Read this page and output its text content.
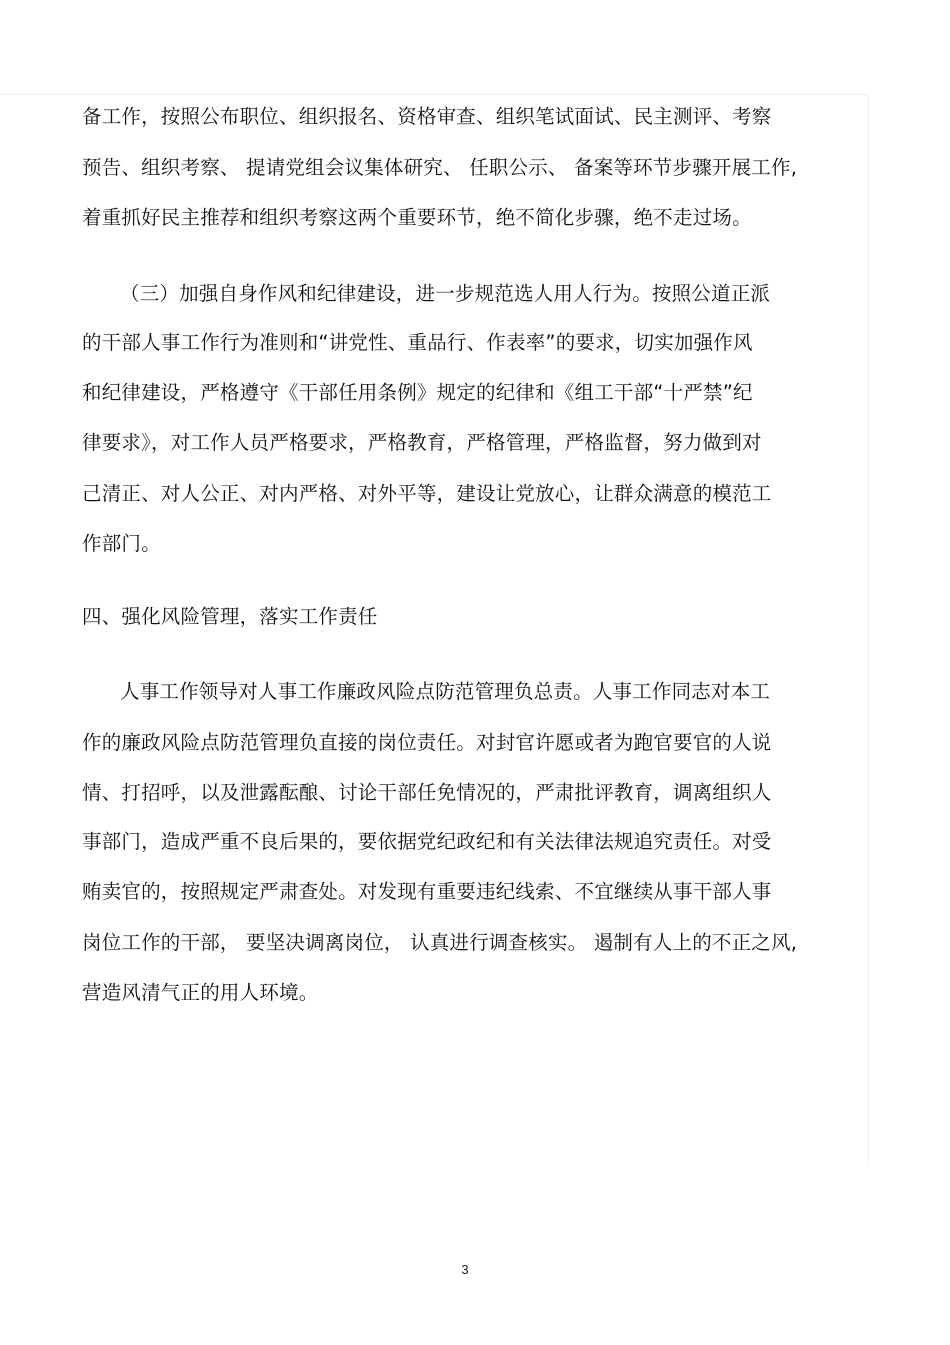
备工作，按照公布职位、组织报名、资格审查、组织笔试面试、民主测评、考察
预告、组织考察、 提请党组会议集体研究、 任职公示、 备案等环节步骤开展工作,
着重抓好民主推荐和组织考察这两个重要环节，绝不简化步骤，绝不走过场。
（三）加强自身作风和纪律建设，进一步规范选人用人行为。按照公道正派
的干部人事工作行为准则和“讲党性、重品行、作表率”的要求，切实加强作风
和纪律建设，严格遵守《干部任用条例》规定的纪律和《组工干部“十严禁”纪
律要求》，对工作人员严格要求，严格教育，严格管理，严格监督，努力做到对
己清正、对人公正、对内严格、对外平等，建设让党放心，让群众满意的模范工
作部门。
四、强化风险管理，落实工作责任
人事工作领导对人事工作廉政风险点防范管理负总责。人事工作同志对本工
作的廉政风险点防范管理负直接的岗位责任。对封官许愿或者为跑官要官的人说
情、打招呼，以及泄露酝酿、讨论干部任免情况的，严肃批评教育，调离组织人
事部门，造成严重不良后果的，要依据党纪政纪和有关法律法规追究责任。对受
贿卖官的，按照规定严肃查处。对发现有重要违纪线索、不宜继续从事干部人事
岗位工作的干部， 要坚决调离岗位， 认真进行调查核实。 遏制有人上的不正之风,
营造风清气正的用人环境。
3
